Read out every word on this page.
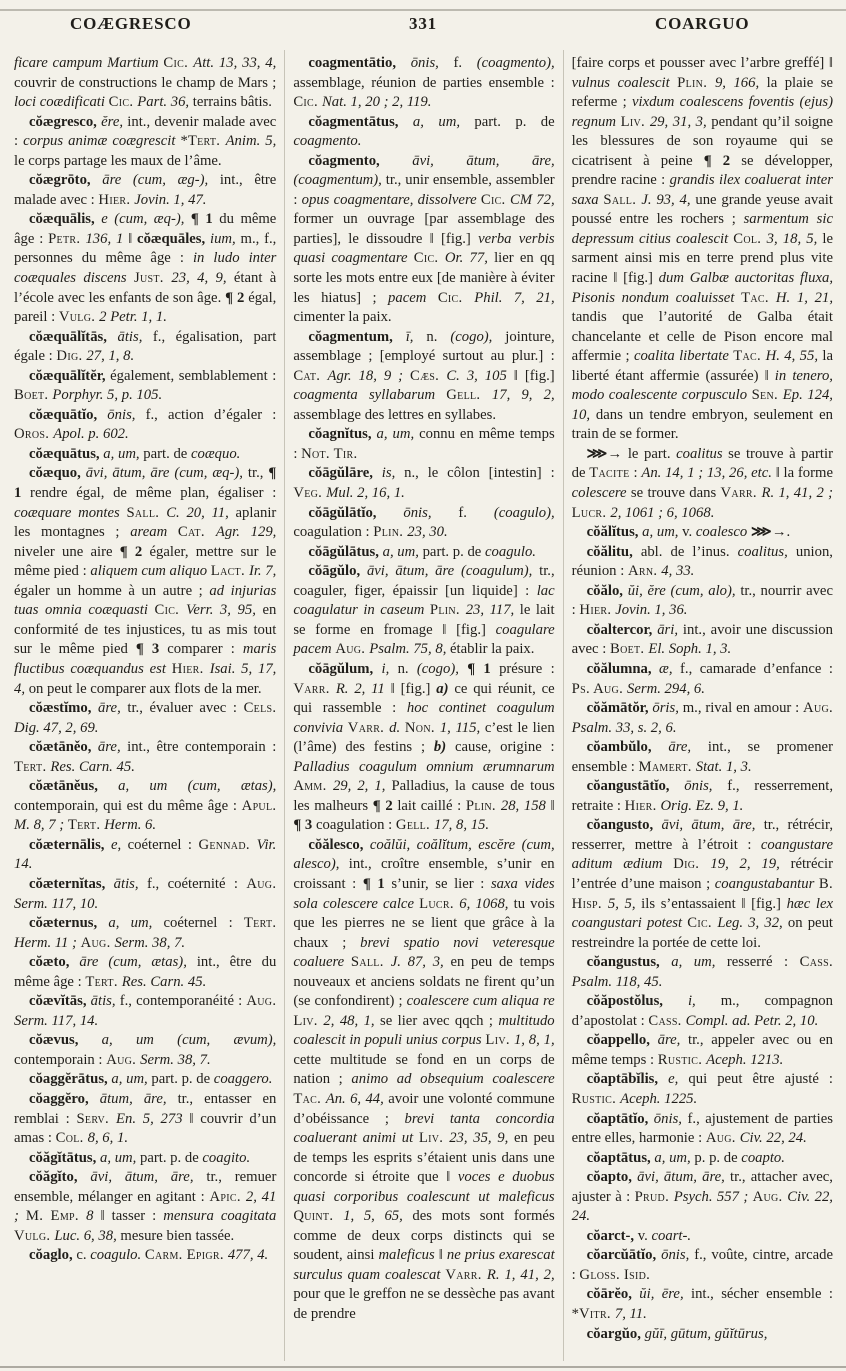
COÆGRESCO	331	COARGUO

ficare campum Martium Cic. Att. 13, 33, 4, couvrir de constructions le champ de Mars ; loci coædificati Cic. Part. 36, terrains bâtis.

cŏægresco, ĕre, int., devenir malade avec : corpus animæ coægrescit *Tert. Anim. 5, le corps partage les maux de l’âme.

cŏægrōto, āre (cum, æg-), int., être malade avec : Hier. Jovin. 1, 47.

cŏæquālis, e (cum, æq-), ¶ 1 du même âge : Petr. 136, 1 ‖ cŏæquāles, ium, m., f., personnes du même âge : in ludo inter coæquales discens Just. 23, 4, 9, étant à l’école avec les enfants de son âge. ¶ 2 égal, pareil : Vulg. 2 Petr. 1, 1.

cŏæquālĭtās, ātis, f., égalisation, part égale : Dig. 27, 1, 8.

cŏæquālĭtĕr, également, semblablement : Boet. Porphyr. 5, p. 105.

cŏæquātĭo, ōnis, f., action d’égaler : Oros. Apol. p. 602.

cŏæquātus, a, um, part. de coæquo.

cŏæquo, āvi, ātum, āre (cum, æq-), tr., ¶ 1 rendre égal, de même plan, égaliser : coæquare montes Sall. C. 20, 11, aplanir les montagnes ; aream Cat. Agr. 129, niveler une aire ¶ 2 égaler, mettre sur le même pied : aliquem cum aliquo Lact. Ir. 7, égaler un homme à un autre ; ad injurias tuas omnia coæquasti Cic. Verr. 3, 95, en conformité de tes injustices, tu as mis tout sur le même pied ¶ 3 comparer : maris fluctibus coæquandus est Hier. Isai. 5, 17, 4, on peut le comparer aux flots de la mer.

cŏæstĭmo, āre, tr., évaluer avec : Cels. Dig. 47, 2, 69.

cŏætāněo, āre, int., être contemporain : Tert. Res. Carn. 45.

cŏætāněus, a, um (cum, ætas), contemporain, qui est du même âge : Apul. M. 8, 7 ; Tert. Herm. 6.

cŏæternālis, e, coéternel : Gennad. Vir. 14.

cŏæternĭtas, ātis, f., coéternité : Aug. Serm. 117, 10.

cŏæternus, a, um, coéternel : Tert. Herm. 11 ; Aug. Serm. 38, 7.

cŏæto, āre (cum, ætas), int., être du même âge : Tert. Res. Carn. 45.

cŏævĭtās, ātis, f., contemporanéité : Aug. Serm. 117, 14.

cŏævus, a, um (cum, ævum), contemporain : Aug. Serm. 38, 7.

cŏaggĕrātus, a, um, part. p. de coaggero.

cŏaggĕro, ātum, āre, tr., entasser en remblai : Serv. En. 5, 273 ‖ couvrir d’un amas : Col. 8, 6, 1.

cŏăgĭtātus, a, um, part. p. de coagito.

cŏăgĭto, āvi, ātum, āre, tr., remuer ensemble, mélanger en agitant : Apic. 2, 41 ; M. Emp. 8 ‖ tasser : mensura coagitata Vulg. Luc. 6, 38, mesure bien tassée.

cŏaglo, c. coagulo. Carm. Epigr. 477, 4.

coagmentātio, ōnis, f. (coagmento), assemblage, réunion de parties ensemble : Cic. Nat. 1, 20 ; 2, 119.

cŏagmentātus, a, um, part. p. de coagmento.

cŏagmento, āvi, ātum, āre, (coagmentum), tr., unir ensemble, assembler : opus coagmentare, dissolvere Cic. CM 72, former un ouvrage [par assemblage des parties], le dissoudre ‖ [fig.] verba verbis quasi coagmentare Cic. Or. 77, lier en qq sorte les mots entre eux [de manière à éviter les hiatus] ; pacem Cic. Phil. 7, 21, cimenter la paix.

cŏagmentum, ī, n. (cogo), jointure, assemblage ; [employé surtout au plur.] : Cat. Agr. 18, 9 ; Cæs. C. 3, 105 ‖ [fig.] coagmenta syllabarum Gell. 17, 9, 2, assemblage des lettres en syllabes.

cŏagnĭtus, a, um, connu en même temps : Not. Tir.

cŏāgŭlāre, is, n., le côlon [intestin] : Veg. Mul. 2, 16, 1.

cŏāgŭlātĭo, ōnis, f. (coagulo), coagulation : Plin. 23, 30.

cŏāgŭlātus, a, um, part. p. de coagulo.

cŏāgŭlo, āvi, ātum, āre (coagulum), tr., coaguler, figer, épaissir [un liquide] : lac coagulatur in caseum Plin. 23, 117, le lait se forme en fromage ‖ [fig.] coagulare pacem Aug. Psalm. 75, 8, établir la paix.

cŏāgŭlum, i, n. (cogo), ¶ 1 présure : Varr. R. 2, 11 ‖ [fig.] a) ce qui réunit, ce qui rassemble : hoc continet coagulum convivia Varr. d. Non. 1, 115, c’est le lien (l’âme) des festins ; b) cause, origine : Palladius coagulum omnium ærumnarum Amm. 29, 2, 1, Palladius, la cause de tous les malheurs ¶ 2 lait caillé : Plin. 28, 158 ‖ ¶ 3 coagulation : Gell. 17, 8, 15.

cŏălesco, coălŭi, coălĭtum, escĕre (cum, alesco), int., croître ensemble, s’unir en croissant : ¶ 1 s’unir, se lier : saxa vides sola colescere calce Lucr. 6, 1068, tu vois que les pierres ne se lient que grâce à la chaux ; brevi spatio novi veteresque coaluere Sall. J. 87, 3, en peu de temps nouveaux et anciens soldats ne firent qu’un (se confondirent) ; coalescere cum aliqua re Liv. 2, 48, 1, se lier avec qqch ; multitudo coalescit in populi unius corpus Liv. 1, 8, 1, cette multitude se fond en un corps de nation ; animo ad obsequium coalescere Tac. An. 6, 44, avoir une volonté commune d’obéissance ; brevi tanta concordia coaluerant animi ut Liv. 23, 35, 9, en peu de temps les esprits s’étaient unis dans une concorde si étroite que ‖ voces e duobus quasi corporibus coalescunt ut maleficus Quint. 1, 5, 65, des mots sont formés comme de deux corps distincts qui se soudent, ainsi maleficus ‖ ne prius exarescat surculus quam coalescat Varr. R. 1, 41, 2, pour que le greffon ne se dessèche pas avant de prendre

[faire corps et pousser avec l’arbre greffé] ‖ vulnus coalescit Plin. 9, 166, la plaie se referme ; vixdum coalescens foventis (ejus) regnum Liv. 29, 31, 3, pendant qu’il soigne les blessures de son royaume qui se cicatrisent à peine ¶ 2 se développer, prendre racine : grandis ilex coaluerat inter saxa Sall. J. 93, 4, une grande yeuse avait poussé entre les rochers ; sarmentum sic depressum citius coalescit Col. 3, 18, 5, le sarment ainsi mis en terre prend plus vite racine ‖ [fig.] dum Galbæ auctoritas fluxa, Pisonis nondum coaluisset Tac. H. 1, 21, tandis que l’autorité de Galba était chancelante et celle de Pison encore mal affermie ; coalita libertate Tac. H. 4, 55, la liberté étant affermie (assurée) ‖ in tenero, modo coalescente corpusculo Sen. Ep. 124, 10, dans un tendre embryon, seulement en train de se former.

⋙→ le part. coalitus se trouve à partir de Tacite : An. 14, 1 ; 13, 26, etc. ‖ la forme colescere se trouve dans Varr. R. 1, 41, 2 ; Lucr. 2, 1061 ; 6, 1068.

cŏălĭtus, a, um, v. coalesco ⋙→.

cŏălitu, abl. de l’inus. coalitus, union, réunion : Arn. 4, 33.

cŏălo, ŭi, ĕre (cum, alo), tr., nourrir avec : Hier. Jovin. 1, 36.

cŏaltercor, āri, int., avoir une discussion avec : Boet. El. Soph. 1, 3.

cŏălumna, æ, f., camarade d’enfance : Ps. Aug. Serm. 294, 6.

cŏămātŏr, ōris, m., rival en amour : Aug. Psalm. 33, s. 2, 6.

cŏambŭlo, āre, int., se promener ensemble : Mamert. Stat. 1, 3.

cŏangustātĭo, ōnis, f., resserrement, retraite : Hier. Orig. Ez. 9, 1.

cŏangusto, āvi, ātum, āre, tr., rétrécir, resserrer, mettre à l’étroit : coangustare aditum ædium Dig. 19, 2, 19, rétrécir l’entrée d’une maison ; coangustabantur B. Hisp. 5, 5, ils s’entassaient ‖ [fig.] hæc lex coangustari potest Cic. Leg. 3, 32, on peut restreindre la portée de cette loi.

cŏangustus, a, um, resserré : Cass. Psalm. 118, 45.

cŏăpostŏlus, i, m., compagnon d’apostolat : Cass. Compl. ad. Petr. 2, 10.

cŏappello, āre, tr., appeler avec ou en même temps : Rustic. Aceph. 1213.

cŏaptābĭlis, e, qui peut être ajusté : Rustic. Aceph. 1225.

cŏaptātĭo, ōnis, f., ajustement de parties entre elles, harmonie : Aug. Civ. 22, 24.

cŏaptātus, a, um, p. p. de coapto.

cŏapto, āvi, ātum, āre, tr., attacher avec, ajuster à : Prud. Psych. 557 ; Aug. Civ. 22, 24.

cŏarct-, v. coart-.

cŏarcŭātĭo, ōnis, f., voûte, cintre, arcade : Gloss. Isid.

cŏārĕo, ŭi, ēre, int., sécher ensemble : *Vitr. 7, 11.

cŏargŭo, gŭī, gūtum, gŭĭtūrus,
